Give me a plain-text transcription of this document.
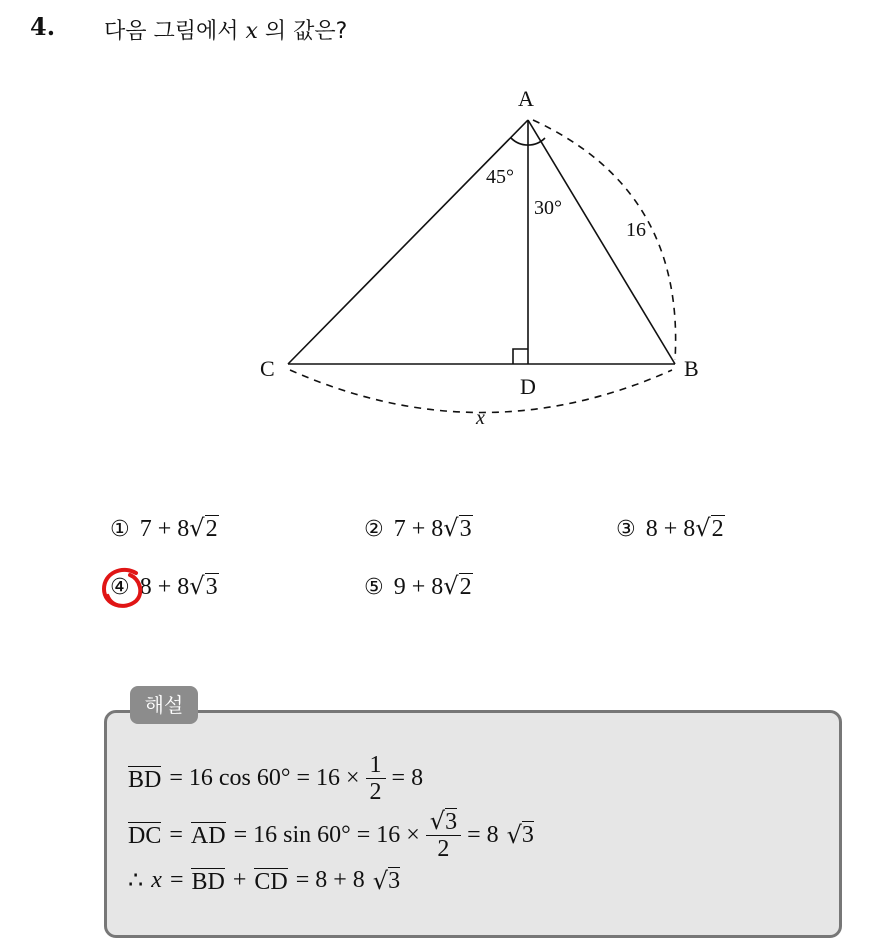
4. 다음 그림에서 x 의 값은?
A
B
C
D
45°
30°
16
x
① 7 + 8√2	② 7 + 8√3	③ 8 + 8√2
④ 8 + 8√3	⑤ 9 + 8√2
해설
BD = 16 $\cos 60^\circ = 16 \times \frac{1}{2} = 8$
DC = AD = 16 $\sin 60^\circ = 16 \times \frac{√3}{2} = 8$ √ 3
∴ x = BD + CD = 8 + 8 √ 3
